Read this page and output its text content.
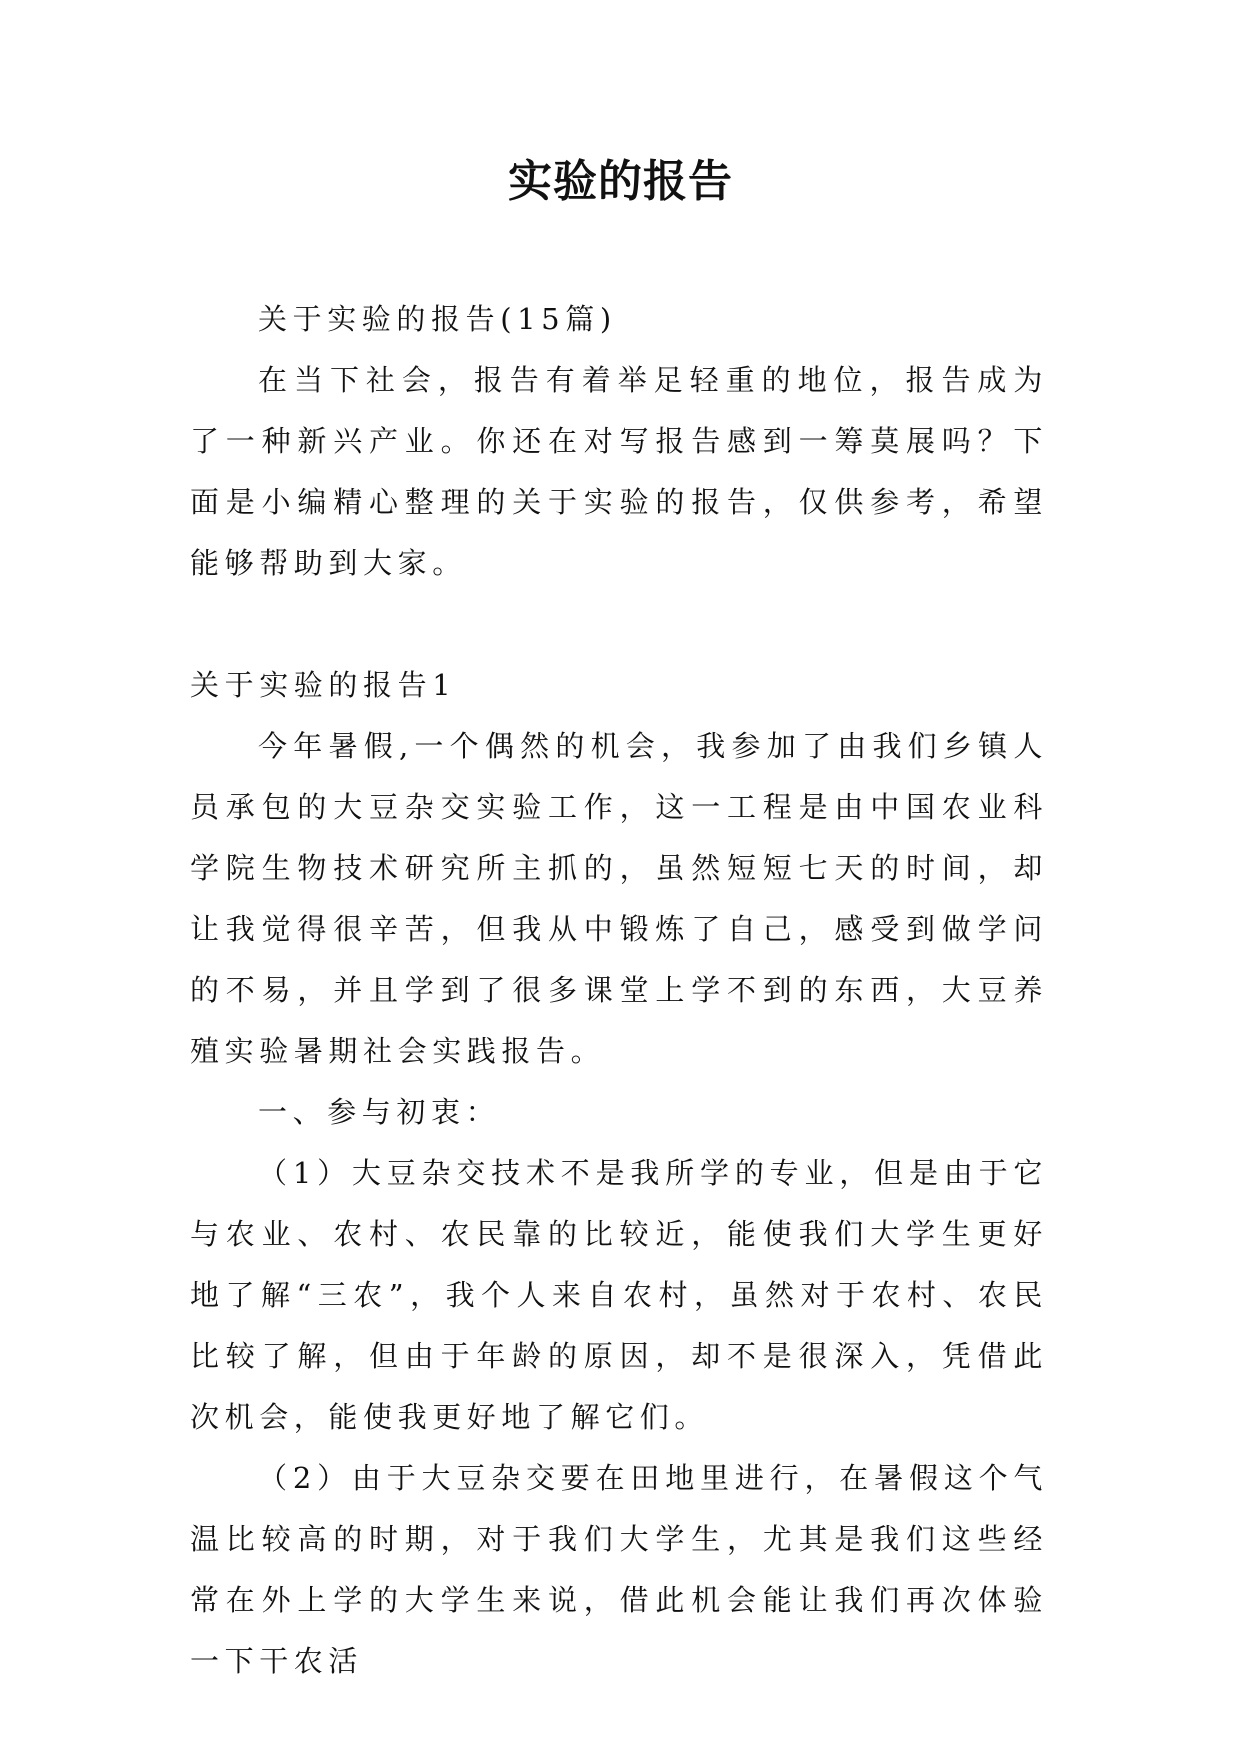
实验的报告

关于实验的报告(15篇)

在当下社会，报告有着举足轻重的地位，报告成为了一种新兴产业。你还在对写报告感到一筹莫展吗？下面是小编精心整理的关于实验的报告，仅供参考，希望能够帮助到大家。

关于实验的报告1

今年暑假,一个偶然的机会，我参加了由我们乡镇人员承包的大豆杂交实验工作，这一工程是由中国农业科学院生物技术研究所主抓的，虽然短短七天的时间，却让我觉得很辛苦，但我从中锻炼了自己，感受到做学问的不易，并且学到了很多课堂上学不到的东西，大豆养殖实验暑期社会实践报告。

一、参与初衷：

（1）大豆杂交技术不是我所学的专业，但是由于它与农业、农村、农民靠的比较近，能使我们大学生更好地了解“三农”，我个人来自农村，虽然对于农村、农民比较了解，但由于年龄的原因，却不是很深入，凭借此次机会，能使我更好地了解它们。

（2）由于大豆杂交要在田地里进行，在暑假这个气温比较高的时期，对于我们大学生，尤其是我们这些经常在外上学的大学生来说，借此机会能让我们再次体验一下干农活
